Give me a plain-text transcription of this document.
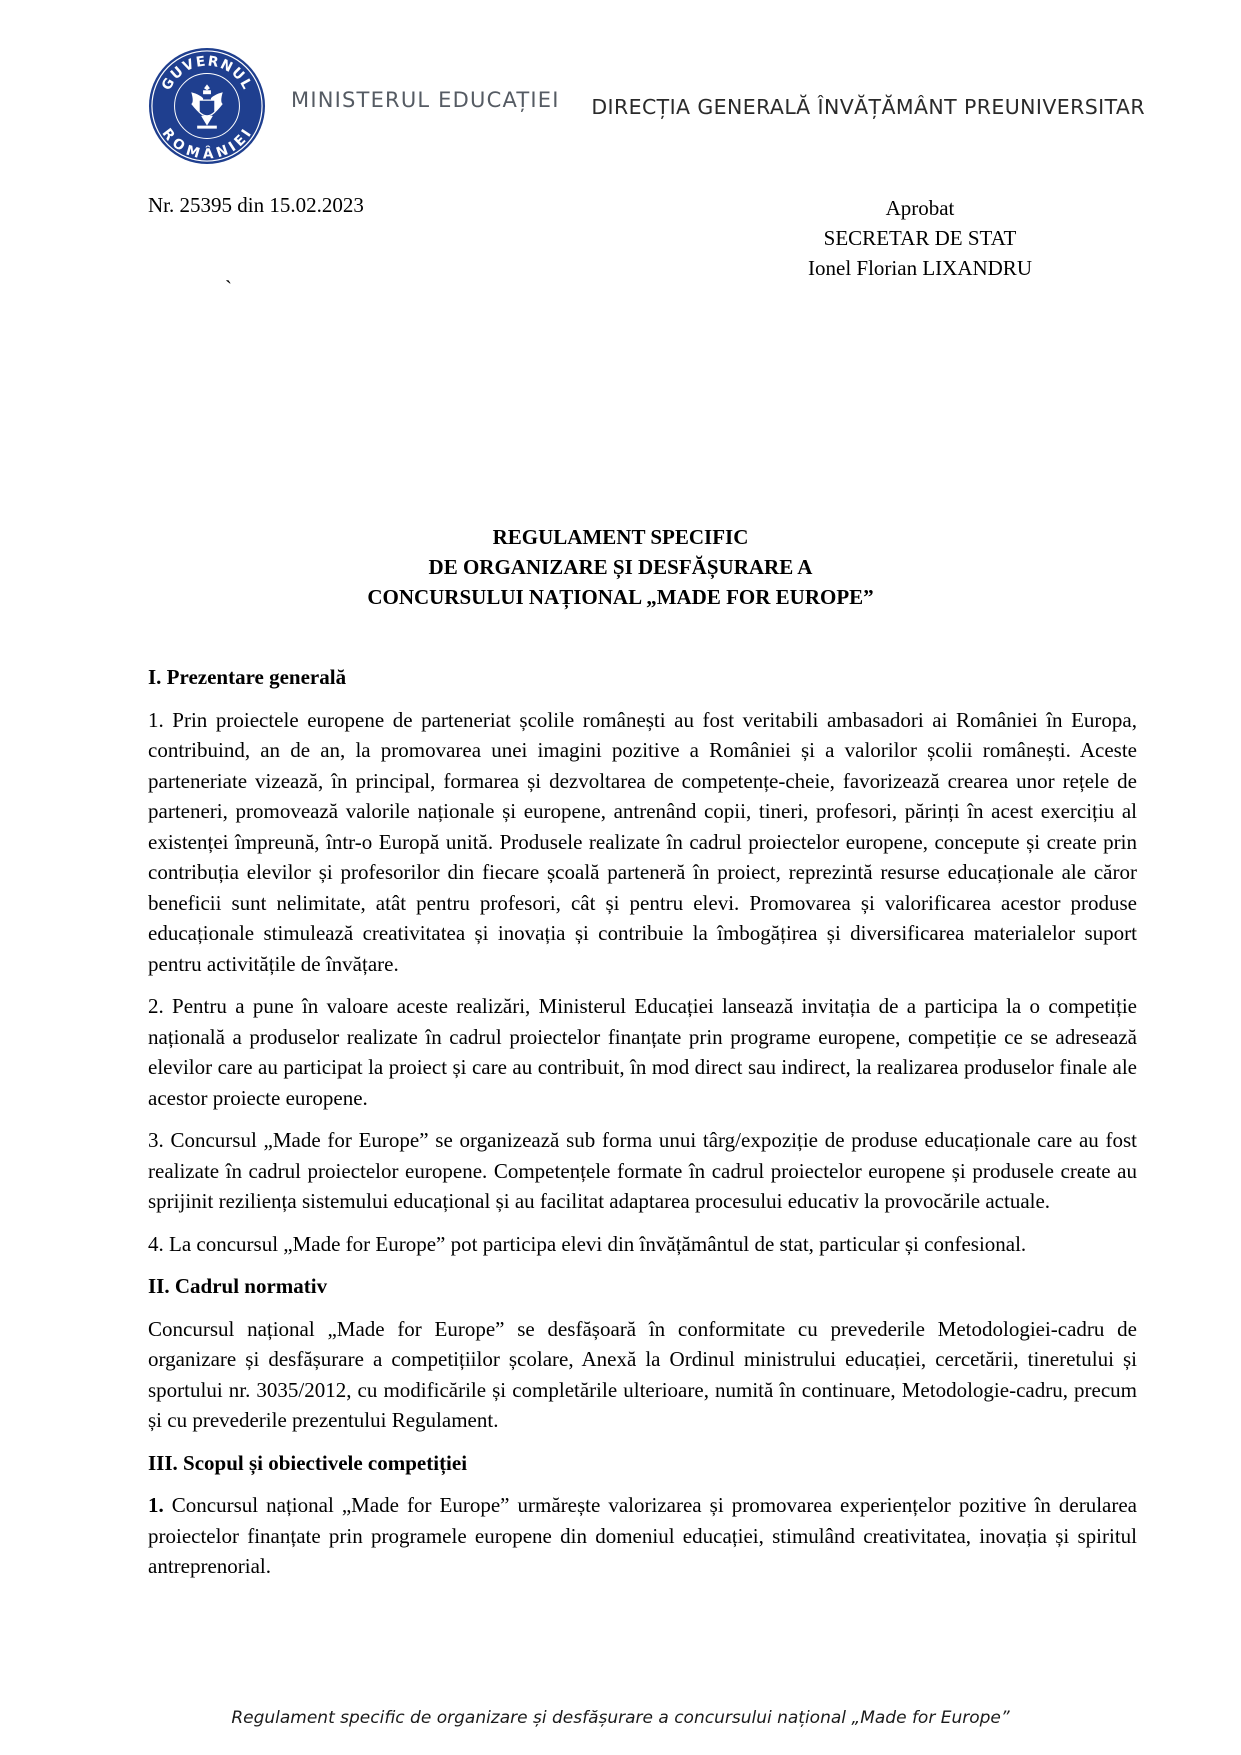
GUVERNUL
ROMÂNIEI
MINISTERUL EDUCAȚIEI DIRECȚIA GENERALĂ ÎNVĂȚĂMÂNT PREUNIVERSITAR
Nr. 25395 din 15.02.2023	Aprobat
SECRETAR DE STAT
Ionel Florian LIXANDRU
`
REGULAMENT SPECIFIC
DE ORGANIZARE ȘI DESFĂȘURARE A
CONCURSULUI NAȚIONAL „MADE FOR EUROPE”
I. Prezentare generală

1. Prin proiectele europene de parteneriat școlile românești au fost veritabili ambasadori ai României în Europa, contribuind, an de an, la promovarea unei imagini pozitive a României și a valorilor școlii românești. Aceste parteneriate vizează, în principal, formarea și dezvoltarea de competențe-cheie, favorizează crearea unor rețele de parteneri, promovează valorile naționale și europene, antrenând copii, tineri, profesori, părinți în acest exercițiu al existenței împreună, într-o Europă unită. Produsele realizate în cadrul proiectelor europene, concepute și create prin contribuția elevilor și profesorilor din fiecare școală parteneră în proiect, reprezintă resurse educaționale ale căror beneficii sunt nelimitate, atât pentru profesori, cât și pentru elevi. Promovarea și valorificarea acestor produse educaționale stimulează creativitatea și inovația și contribuie la îmbogățirea și diversificarea materialelor suport pentru activitățile de învățare.

2. Pentru a pune în valoare aceste realizări, Ministerul Educației lansează invitația de a participa la o competiție națională a produselor realizate în cadrul proiectelor finanțate prin programe europene, competiție ce se adresează elevilor care au participat la proiect și care au contribuit, în mod direct sau indirect, la realizarea produselor finale ale acestor proiecte europene.

3. Concursul „Made for Europe” se organizează sub forma unui târg/expoziție de produse educaționale care au fost realizate în cadrul proiectelor europene. Competențele formate în cadrul proiectelor europene și produsele create au sprijinit reziliența sistemului educațional și au facilitat adaptarea procesului educativ la provocările actuale.

4. La concursul „Made for Europe” pot participa elevi din învățământul de stat, particular și confesional.

II. Cadrul normativ

Concursul național „Made for Europe” se desfășoară în conformitate cu prevederile Metodologiei-cadru de organizare și desfășurare a competițiilor școlare, Anexă la Ordinul ministrului educației, cercetării, tineretului și sportului nr. 3035/2012, cu modificările și completările ulterioare, numită în continuare, Metodologie-cadru, precum și cu prevederile prezentului Regulament.

III. Scopul și obiectivele competiției

1. Concursul național „Made for Europe” urmărește valorizarea și promovarea experiențelor pozitive în derularea proiectelor finanțate prin programele europene din domeniul educației, stimulând creativitatea, inovația și spiritul antreprenorial.

Regulament specific de organizare și desfășurare a concursului național „Made for Europe”
